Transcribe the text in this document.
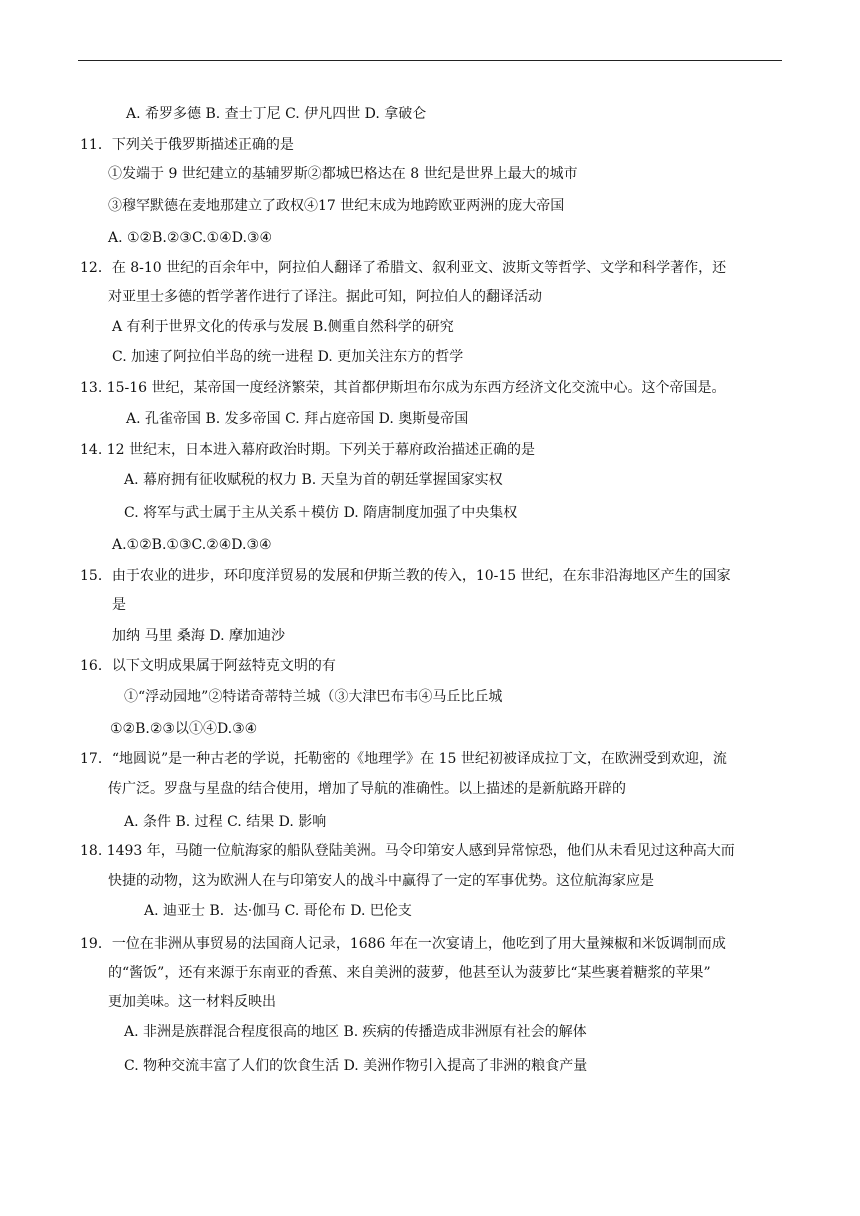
A. 希罗多德 B. 查士丁尼 C. 伊凡四世 D. 拿破仑
11．下列关于俄罗斯描述正确的是
①发端于 9 世纪建立的基辅罗斯②都城巴格达在 8 世纪是世界上最大的城市
③穆罕默德在麦地那建立了政权④17 世纪末成为地跨欧亚两洲的庞大帝国
A. ①②B.②③C.①④D.③④
12．在 8-10 世纪的百余年中，阿拉伯人翻译了希腊文、叙利亚文、波斯文等哲学、文学和科学著作，还
对亚里士多德的哲学著作进行了译注。据此可知，阿拉伯人的翻译活动
A 有利于世界文化的传承与发展 B.侧重自然科学的研究
C. 加速了阿拉伯半岛的统一进程 D. 更加关注东方的哲学
13. 15-16 世纪，某帝国一度经济繁荣，其首都伊斯坦布尔成为东西方经济文化交流中心。这个帝国是。
A. 孔雀帝国 B. 发多帝国 C. 拜占庭帝国 D. 奥斯曼帝国
14. 12 世纪末，日本进入幕府政治时期。下列关于幕府政治描述正确的是
A. 幕府拥有征收赋税的权力 B. 天皇为首的朝廷掌握国家实权
C. 将军与武士属于主从关系＋模仿 D. 隋唐制度加强了中央集权
A.①②B.①③C.②④D.③④
15．由于农业的进步，环印度洋贸易的发展和伊斯兰教的传入，10-15 世纪，在东非沿海地区产生的国家
是
加纳 马里 桑海 D. 摩加迪沙
16．以下文明成果属于阿兹特克文明的有
①“浮动园地”②特诺奇蒂特兰城（③大津巴布韦④马丘比丘城
①②B.②③以①④D.③④
17．“地圆说”是一种古老的学说，托勒密的《地理学》在 15 世纪初被译成拉丁文，在欧洲受到欢迎，流
传广泛。罗盘与星盘的结合使用，增加了导航的准确性。以上描述的是新航路开辟的
A. 条件 B. 过程 C. 结果 D. 影响
18. 1493 年，马随一位航海家的船队登陆美洲。马令印第安人感到异常惊恐，他们从未看见过这种高大而
快捷的动物，这为欧洲人在与印第安人的战斗中赢得了一定的军事优势。这位航海家应是
A. 迪亚士 B．达·伽马 C. 哥伦布 D. 巴伦支
19．一位在非洲从事贸易的法国商人记录，1686 年在一次宴请上，他吃到了用大量辣椒和米饭调制而成
的“酱饭”，还有来源于东南亚的香蕉、来自美洲的菠萝，他甚至认为菠萝比“某些裹着糖浆的苹果”
更加美味。这一材料反映出
A. 非洲是族群混合程度很高的地区 B. 疾病的传播造成非洲原有社会的解体
C. 物种交流丰富了人们的饮食生活 D. 美洲作物引入提高了非洲的粮食产量
